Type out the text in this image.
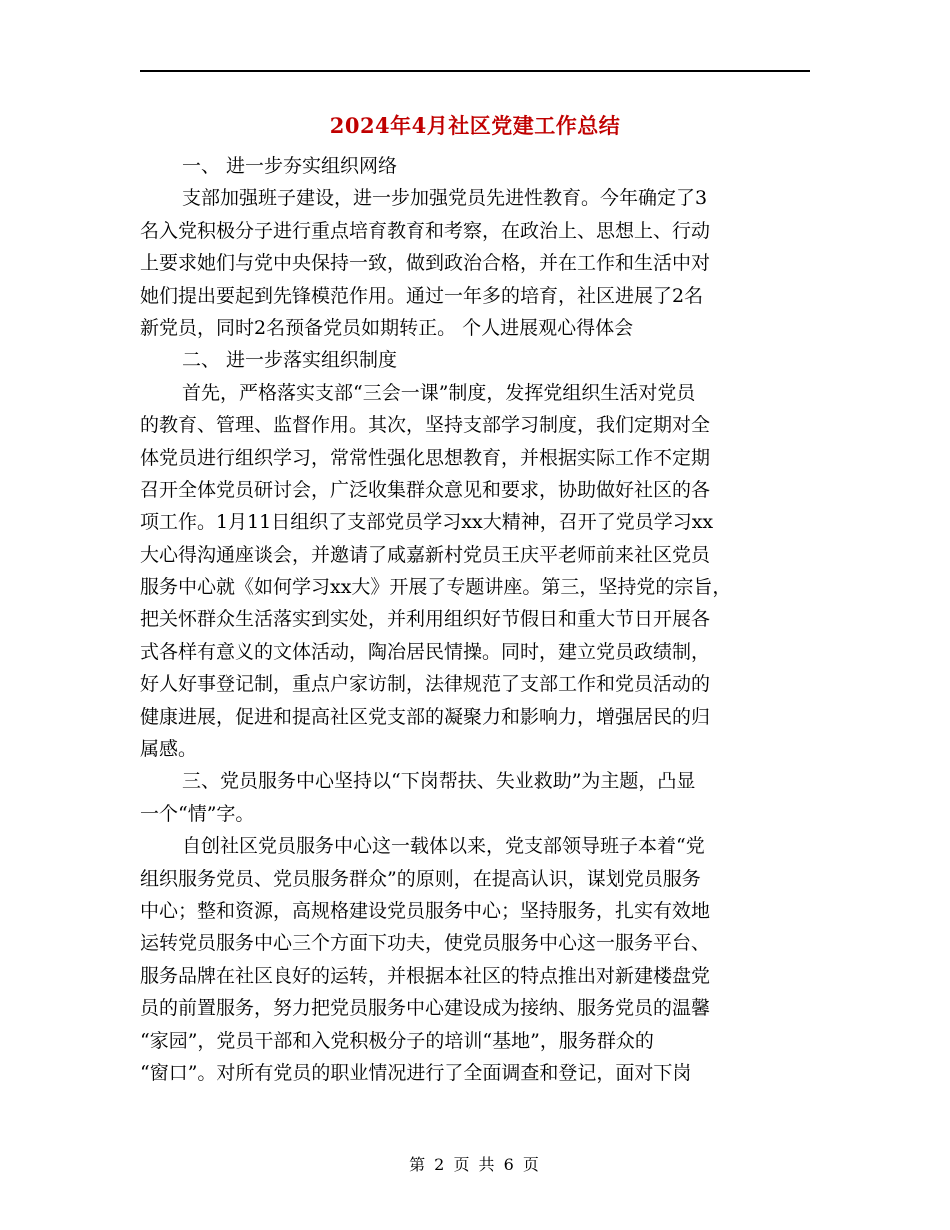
2024年4月社区党建工作总结
一、 进一步夯实组织网络
支部加强班子建设，进一步加强党员先进性教育。今年确定了3
名入党积极分子进行重点培育教育和考察，在政治上、思想上、行动
上要求她们与党中央保持一致，做到政治合格，并在工作和生活中对
她们提出要起到先锋模范作用。通过一年多的培育，社区进展了2名
新党员，同时2名预备党员如期转正。 个人进展观心得体会
二、 进一步落实组织制度
首先，严格落实支部“三会一课”制度，发挥党组织生活对党员
的教育、管理、监督作用。其次，坚持支部学习制度，我们定期对全
体党员进行组织学习，常常性强化思想教育，并根据实际工作不定期
召开全体党员研讨会，广泛收集群众意见和要求，协助做好社区的各
项工作。1月11日组织了支部党员学习xx大精神，召开了党员学习xx
大心得沟通座谈会，并邀请了咸嘉新村党员王庆平老师前来社区党员
服务中心就《如何学习xx大》开展了专题讲座。第三，坚持党的宗旨，
把关怀群众生活落实到实处，并利用组织好节假日和重大节日开展各
式各样有意义的文体活动，陶冶居民情操。同时，建立党员政绩制，
好人好事登记制，重点户家访制，法律规范了支部工作和党员活动的
健康进展，促进和提高社区党支部的凝聚力和影响力，增强居民的归
属感。
三、党员服务中心坚持以“下岗帮扶、失业救助”为主题，凸显
一个“情”字。
自创社区党员服务中心这一载体以来，党支部领导班子本着“党
组织服务党员、党员服务群众”的原则，在提高认识，谋划党员服务
中心；整和资源，高规格建设党员服务中心；坚持服务，扎实有效地
运转党员服务中心三个方面下功夫，使党员服务中心这一服务平台、
服务品牌在社区良好的运转，并根据本社区的特点推出对新建楼盘党
员的前置服务，努力把党员服务中心建设成为接纳、服务党员的温馨
“家园”，党员干部和入党积极分子的培训“基地”，服务群众的
“窗口”。对所有党员的职业情况进行了全面调查和登记，面对下岗
第 2 页 共 6 页
